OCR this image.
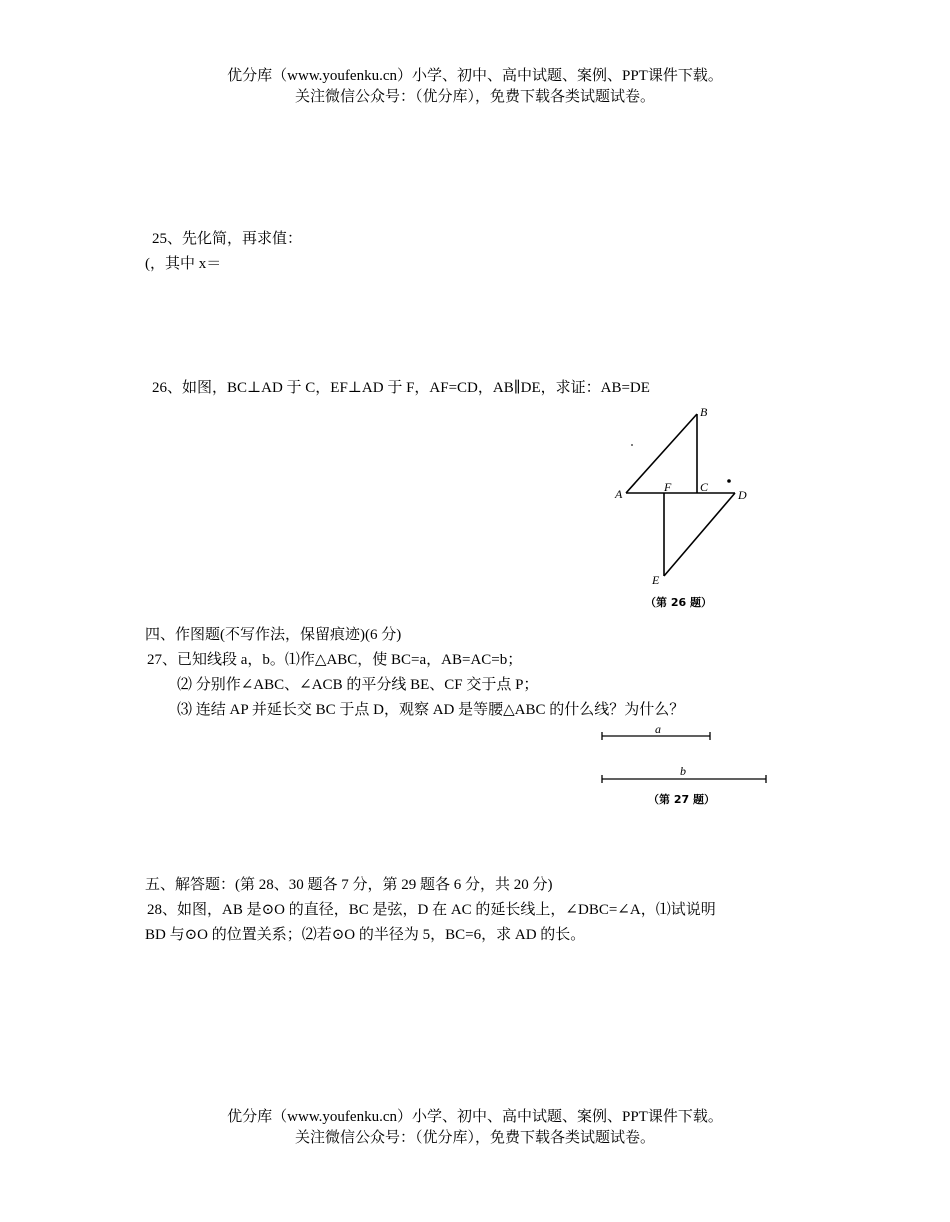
优分库（www.youfenku.cn）小学、初中、高中试题、案例、PPT课件下载。
关注微信公众号：（优分库），免费下载各类试题试卷。
25、先化简，再求值：
(，其中 x＝
26、如图，BC⊥AD 于 C，EF⊥AD 于 F，AF=CD，AB∥DE，求证：AB=DE
B
A	F C
D
E
（第 26 题）
四、作图题(不写作法，保留痕迹)(6 分)
27、已知线段 a，b。⑴作△ABC，使 BC=a，AB=AC=b；
⑵ 分别作∠ABC、∠ACB 的平分线 BE、CF 交于点 P；
⑶ 连结 AP 并延长交 BC 于点 D，观察 AD 是等腰△ABC 的什么线？为什么？
a
b
（第 27 题）
五、解答题：(第 28、30 题各 7 分，第 29 题各 6 分，共 20 分)
28、如图，AB 是⊙O 的直径，BC 是弦，D 在 AC 的延长线上，∠DBC=∠A，⑴试说明
BD 与⊙O 的位置关系；⑵若⊙O 的半径为 5，BC=6，求 AD 的长。
优分库（www.youfenku.cn）小学、初中、高中试题、案例、PPT课件下载。
关注微信公众号：（优分库），免费下载各类试题试卷。
